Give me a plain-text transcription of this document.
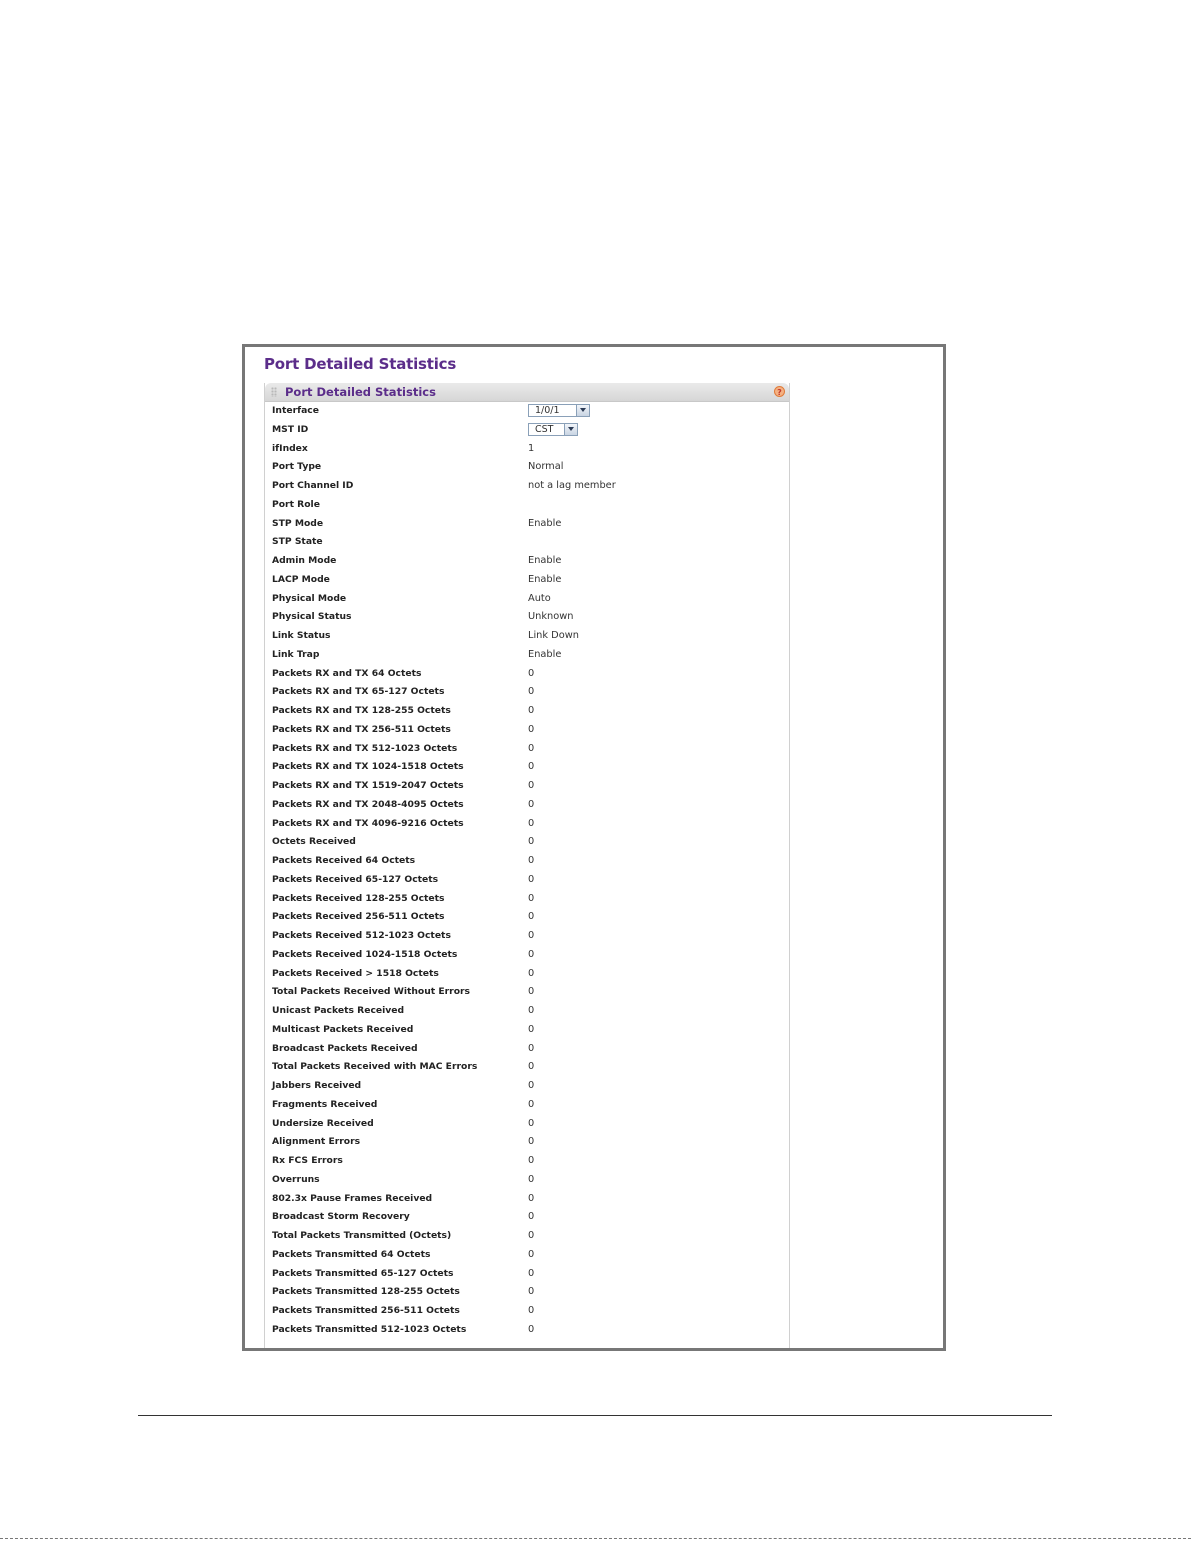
Port Detailed Statistics
Port Detailed Statistics	?
Interface	1/0/1
MST ID	CST
ifIndex	1
Port Type	Normal
Port Channel ID	not a lag member
Port Role
STP Mode	Enable
STP State
Admin Mode	Enable
LACP Mode	Enable
Physical Mode	Auto
Physical Status	Unknown
Link Status	Link Down
Link Trap	Enable
Packets RX and TX 64 Octets	0
Packets RX and TX 65-127 Octets	0
Packets RX and TX 128-255 Octets	0
Packets RX and TX 256-511 Octets	0
Packets RX and TX 512-1023 Octets	0
Packets RX and TX 1024-1518 Octets	0
Packets RX and TX 1519-2047 Octets	0
Packets RX and TX 2048-4095 Octets	0
Packets RX and TX 4096-9216 Octets	0
Octets Received	0
Packets Received 64 Octets	0
Packets Received 65-127 Octets	0
Packets Received 128-255 Octets	0
Packets Received 256-511 Octets	0
Packets Received 512-1023 Octets	0
Packets Received 1024-1518 Octets	0
Packets Received > 1518 Octets	0
Total Packets Received Without Errors	0
Unicast Packets Received	0
Multicast Packets Received	0
Broadcast Packets Received	0
Total Packets Received with MAC Errors	0
Jabbers Received	0
Fragments Received	0
Undersize Received	0
Alignment Errors	0
Rx FCS Errors	0
Overruns	0
802.3x Pause Frames Received	0
Broadcast Storm Recovery	0
Total Packets Transmitted (Octets)	0
Packets Transmitted 64 Octets	0
Packets Transmitted 65-127 Octets	0
Packets Transmitted 128-255 Octets	0
Packets Transmitted 256-511 Octets	0
Packets Transmitted 512-1023 Octets	0
